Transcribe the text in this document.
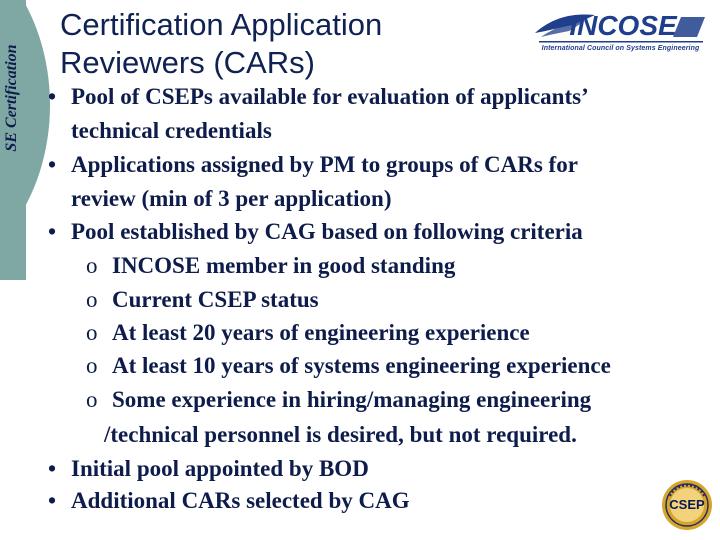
SE Certification
Certification Application
Reviewers (CARs)
INCOSE
International Council on Systems Engineering
• Pool of CSEPs available for evaluation of applicants’
technical credentials
• Applications assigned by PM to groups of CARs for
review (min of 3 per application)
• Pool established by CAG based on following criteria
o INCOSE member in good standing
o Current CSEP status
o At least 20 years of engineering experience
o At least 10 years of systems engineering experience
o Some experience in hiring/managing engineering
/technical personnel is desired, but not required.
• Initial pool appointed by BOD
• Additional CARs selected by CAG	CSEP
